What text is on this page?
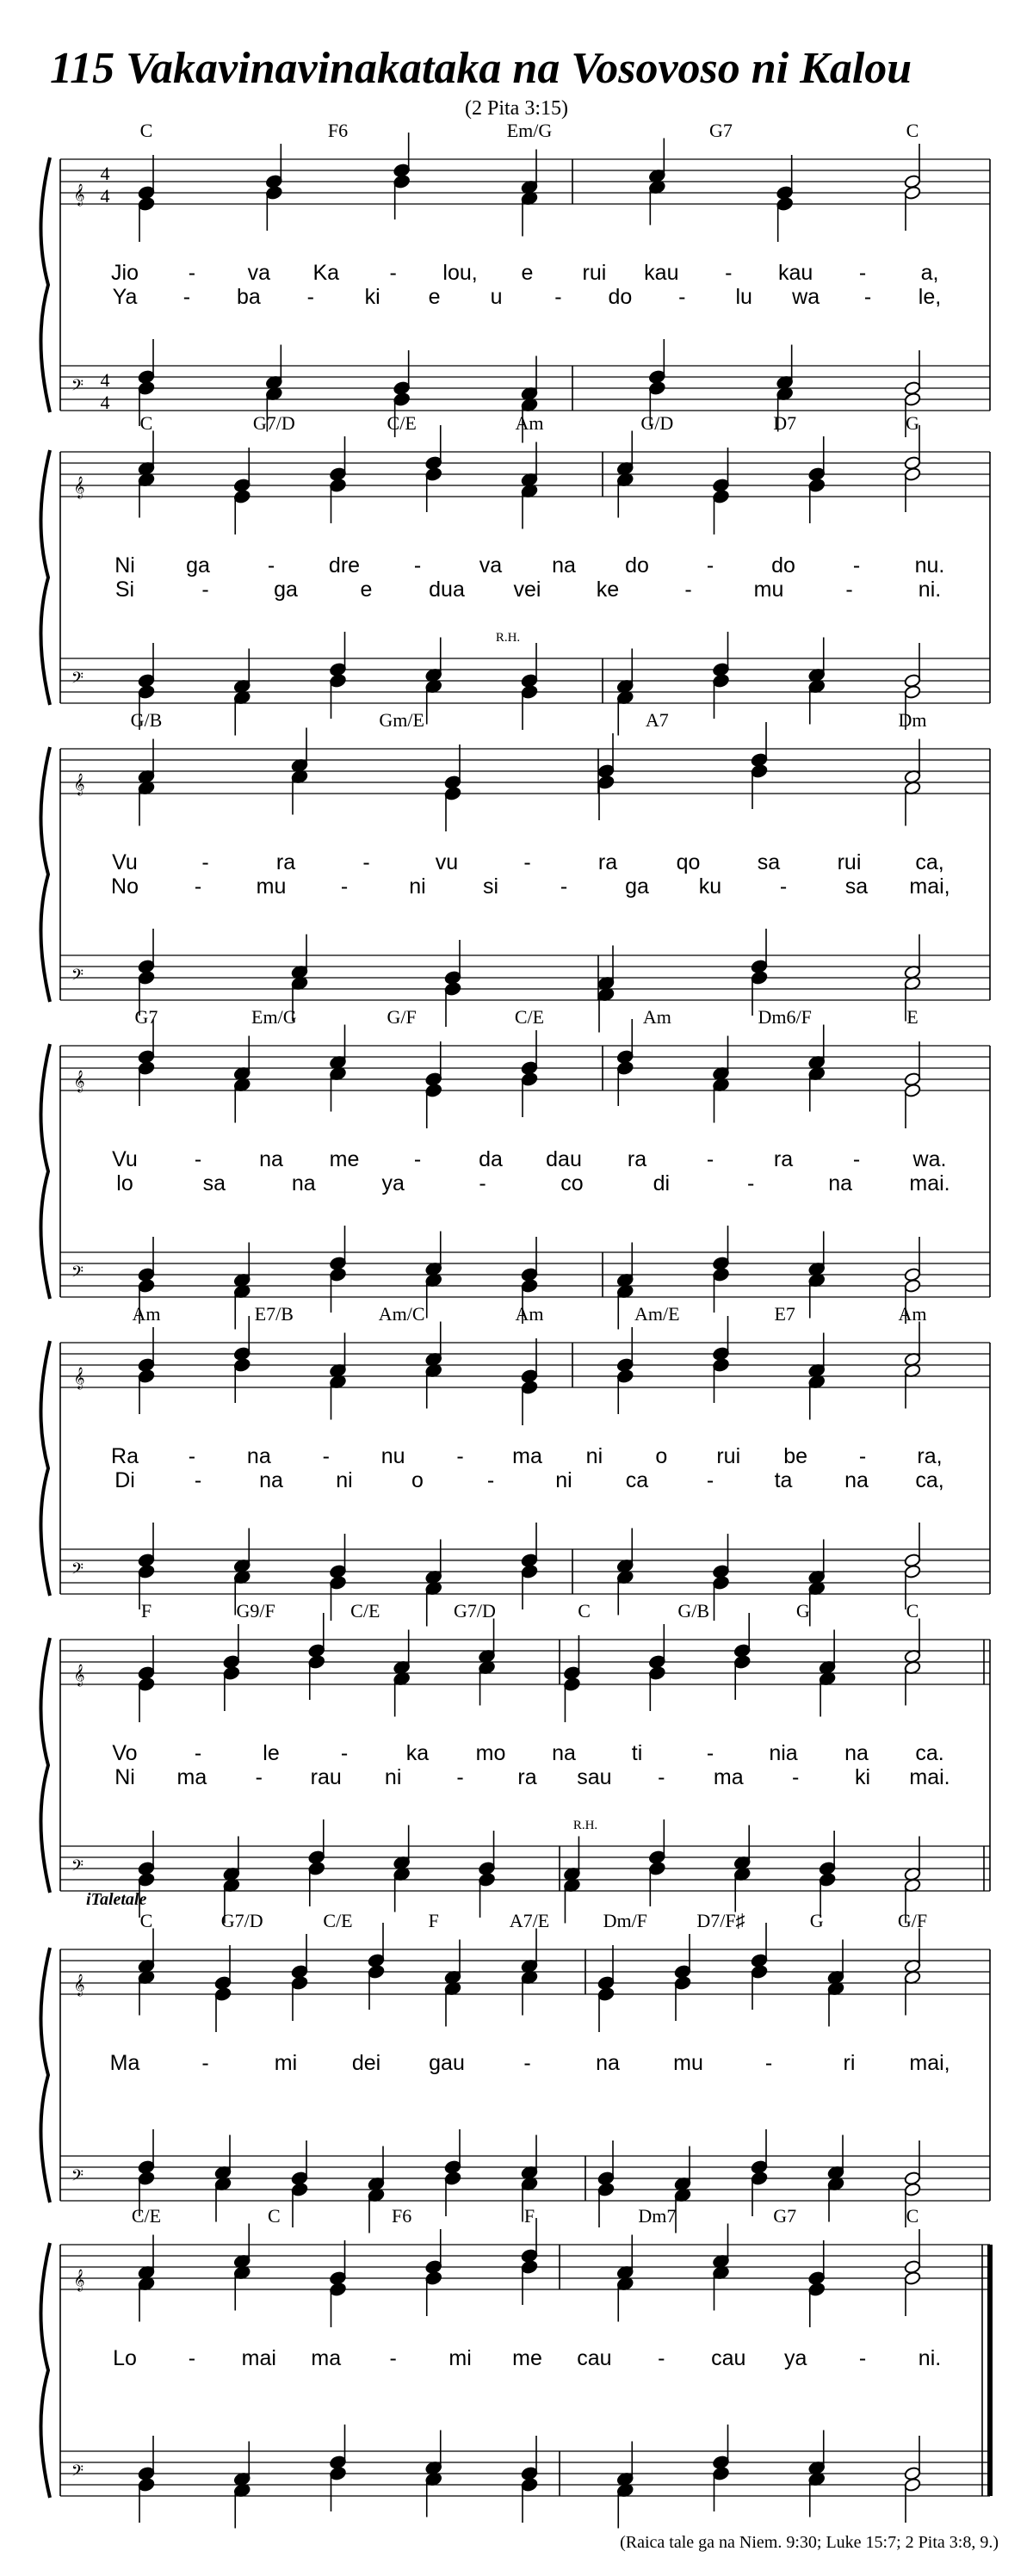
115 Vakavinavinakataka na Vosovoso ni Kalou
(2 Pita 3:15)
𝄞
𝄢
4
4
4
4
C	F6	Em/G	G7	C
Jio - va Ka - lou, e rui kau - kau -	a,
Ya - ba - ki e u - do - lu wa - le,
𝄞
𝄢
C	G7/D	C/E	Am	G/D	D7	G
Ni ga	-	dre	-	va na do	-	do	-	nu.
Si	-	ga	e	dua vei	ke	-	mu	-	ni.
R.H.
𝄞
𝄢
G/B	Gm/E	A7	Dm
Vu	-	ra	-	vu	-	ra	qo	sa	rui	ca,
No	-	mu	-	ni	si	-	ga ku	-	sa mai,
𝄞
𝄢
G7	Em/G	G/F	C/E	Am	Dm6/F	E
Vu	-	na me	-	da dau ra	-	ra	- wa.
lo	sa	na	ya	-	co	di	-	na	mai.
𝄞
𝄢
Am	E7/B	Am/C	Am	Am/E	E7	Am
Ra - na - nu - ma ni o rui be - ra,
Di	-	na ni	o	-	ni ca	-	ta na ca,
𝄞
𝄢
F	G9/F	C/E	G7/D	C	G/B	G	C
Vo	-	le	-	ka mo na	ti	-	nia na ca.
Ni ma - rau ni	-	ra sau - ma -	ki mai.
R.H.
𝄞
𝄢
C	G7/D	C/E	F	A7/E	Dm/F	D7/F♯	G	G/F
Ma	-	mi	dei gau	-	na mu	-	ri	mai,
iTaletale
𝄞
𝄢
C/E	C	F6	F	Dm7	G7	C
Lo - mai ma - mi me cau - cau ya - ni.
(Raica tale ga na Niem. 9:30; Luke 15:7; 2 Pita 3:8, 9.)
